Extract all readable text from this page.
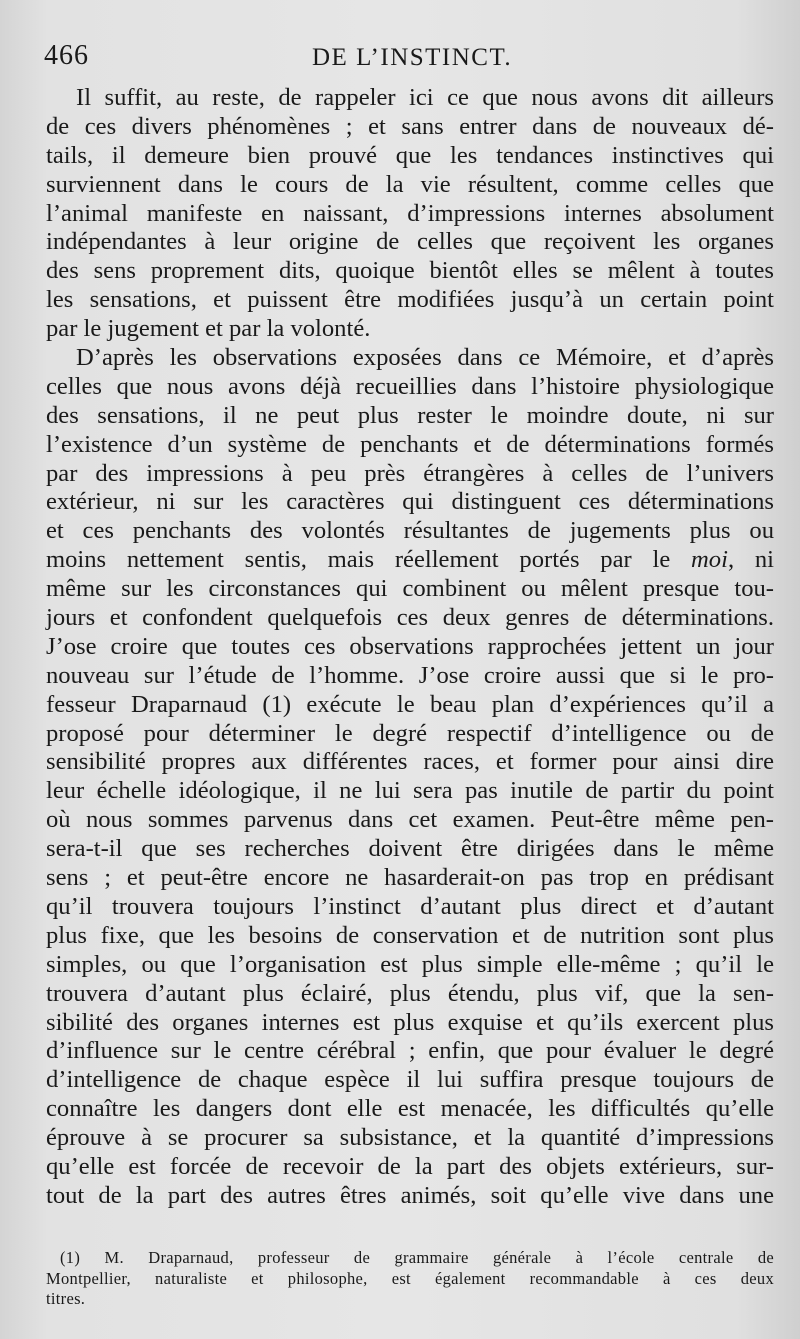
466	DE L’INSTINCT.
Il suffit, au reste, de rappeler ici ce que nous avons dit ailleurs
de ces divers phénomènes ; et sans entrer dans de nouveaux dé-
tails, il demeure bien prouvé que les tendances instinctives qui
surviennent dans le cours de la vie résultent, comme celles que
l’animal manifeste en naissant, d’impressions internes absolument
indépendantes à leur origine de celles que reçoivent les organes
des sens proprement dits, quoique bientôt elles se mêlent à toutes
les sensations, et puissent être modifiées jusqu’à un certain point
par le jugement et par la volonté.
D’après les observations exposées dans ce Mémoire, et d’après
celles que nous avons déjà recueillies dans l’histoire physiologique
des sensations, il ne peut plus rester le moindre doute, ni sur
l’existence d’un système de penchants et de déterminations formés
par des impressions à peu près étrangères à celles de l’univers
extérieur, ni sur les caractères qui distinguent ces déterminations
et ces penchants des volontés résultantes de jugements plus ou
moins nettement sentis, mais réellement portés par le moi, ni
même sur les circonstances qui combinent ou mêlent presque tou-
jours et confondent quelquefois ces deux genres de déterminations.
J’ose croire que toutes ces observations rapprochées jettent un jour
nouveau sur l’étude de l’homme. J’ose croire aussi que si le pro-
fesseur Draparnaud (1) exécute le beau plan d’expériences qu’il a
proposé pour déterminer le degré respectif d’intelligence ou de
sensibilité propres aux différentes races, et former pour ainsi dire
leur échelle idéologique, il ne lui sera pas inutile de partir du point
où nous sommes parvenus dans cet examen. Peut-être même pen-
sera-t-il que ses recherches doivent être dirigées dans le même
sens ; et peut-être encore ne hasarderait-on pas trop en prédisant
qu’il trouvera toujours l’instinct d’autant plus direct et d’autant
plus fixe, que les besoins de conservation et de nutrition sont plus
simples, ou que l’organisation est plus simple elle-même ; qu’il le
trouvera d’autant plus éclairé, plus étendu, plus vif, que la sen-
sibilité des organes internes est plus exquise et qu’ils exercent plus
d’influence sur le centre cérébral ; enfin, que pour évaluer le degré
d’intelligence de chaque espèce il lui suffira presque toujours de
connaître les dangers dont elle est menacée, les difficultés qu’elle
éprouve à se procurer sa subsistance, et la quantité d’impressions
qu’elle est forcée de recevoir de la part des objets extérieurs, sur-
tout de la part des autres êtres animés, soit qu’elle vive dans une
(1) M. Draparnaud, professeur de grammaire générale à l’école centrale de
Montpellier, naturaliste et philosophe, est également recommandable à ces deux
titres.
